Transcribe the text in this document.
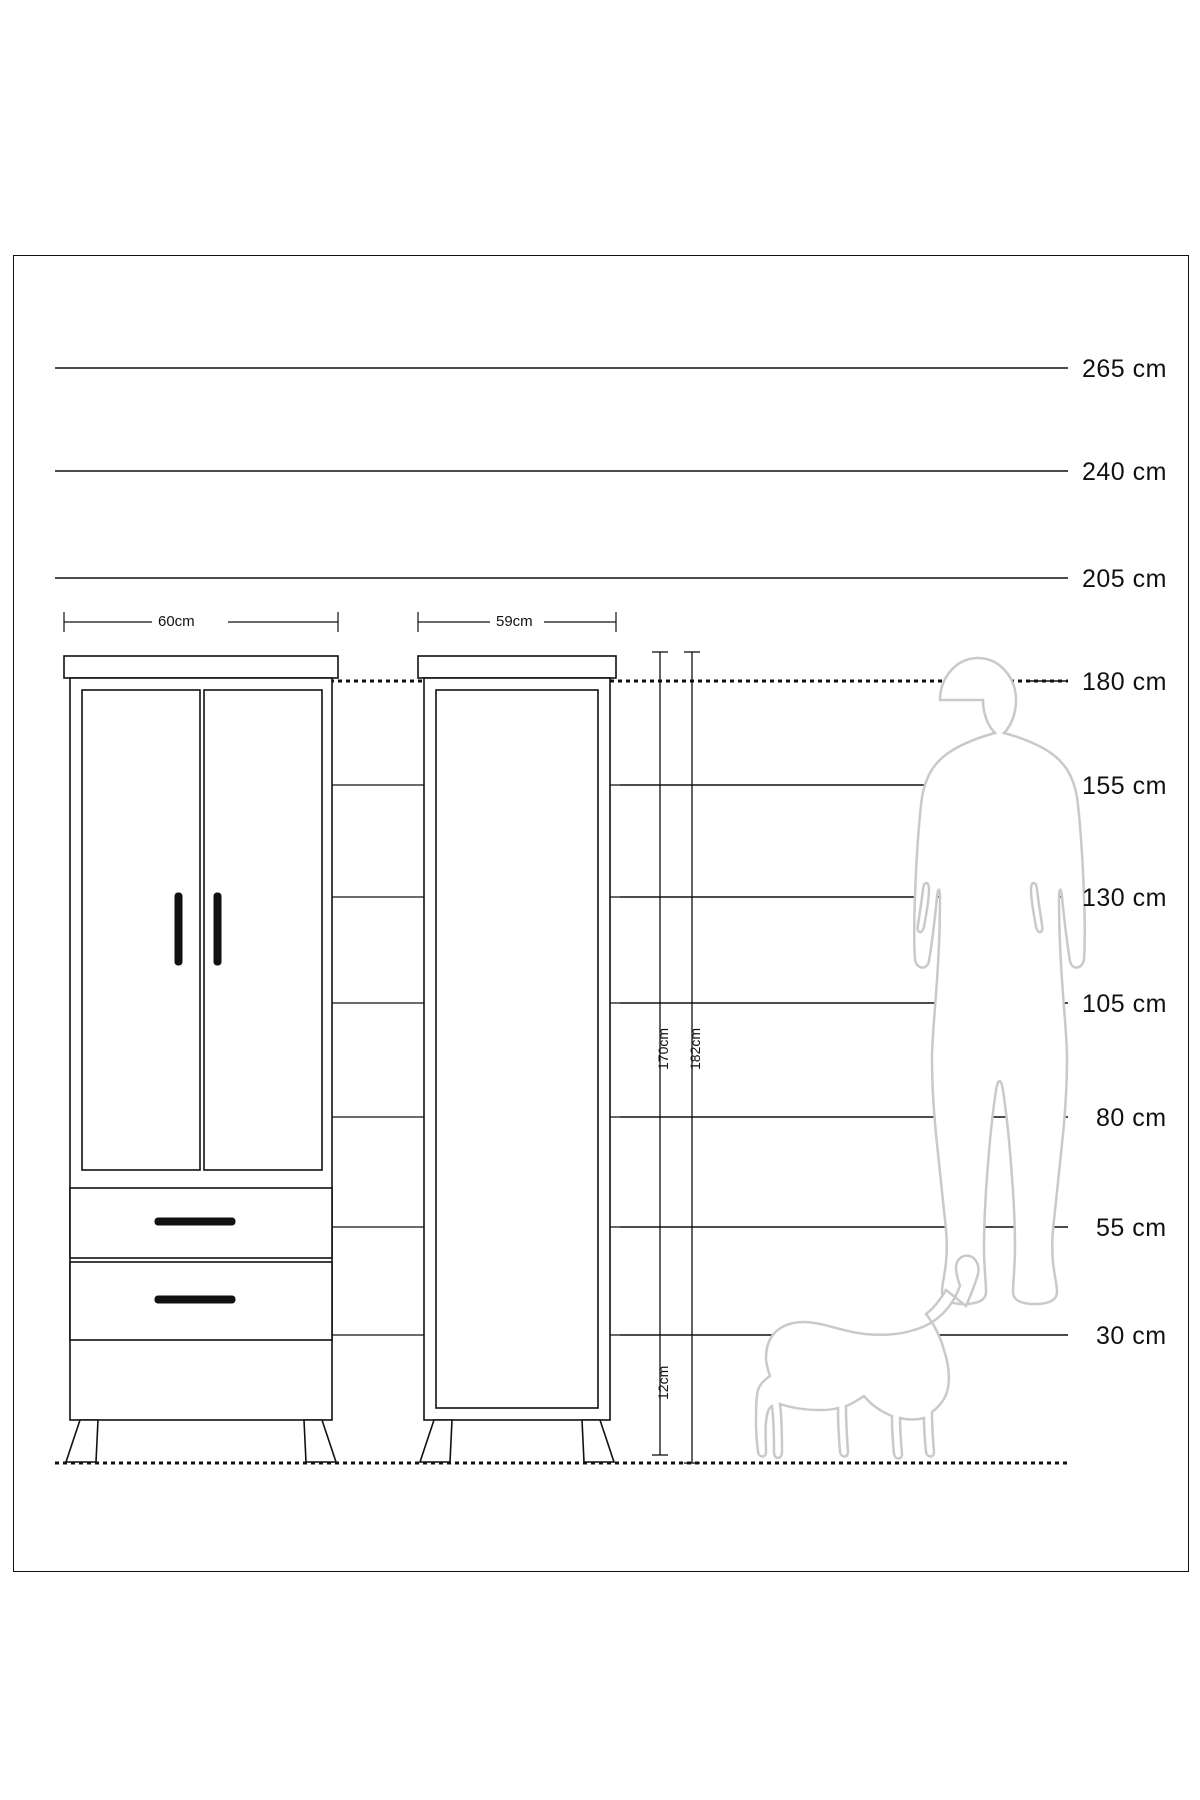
265 cm
240 cm
205 cm
180 cm
155 cm
130 cm
105 cm
80 cm
55 cm
30 cm
60cm	59cm
170cm 182cm
12cm
